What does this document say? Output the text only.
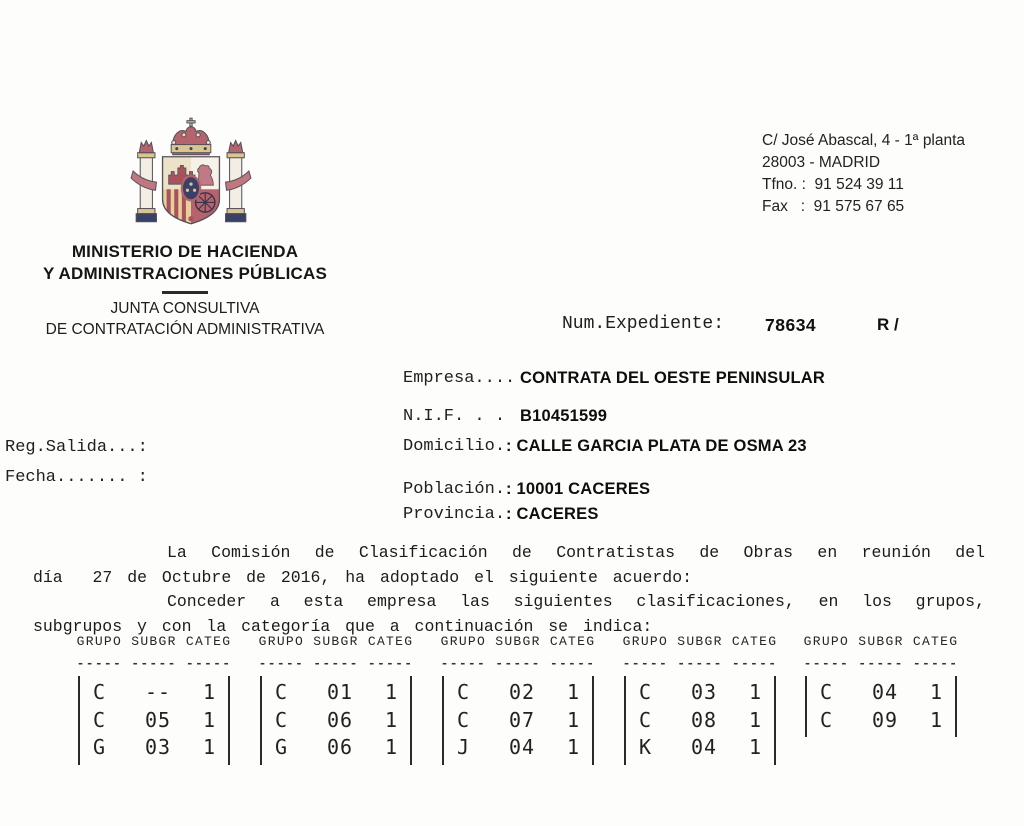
C/ José Abascal, 4 - 1ª planta
28003 - MADRID
Tfno. :  91 524 39 11
Fax   :  91 575 67 65
MINISTERIO DE HACIENDA
Y ADMINISTRACIONES PÚBLICAS
JUNTA CONSULTIVA
DE CONTRATACIÓN ADMINISTRATIVA	Num.Expediente: 78634	R /
Reg.Salida...:
Fecha....... :
Empresa.... CONTRATA DEL OESTE PENINSULAR
N.I.F. . . B10451599
Domicilio. : CALLE GARCIA PLATA DE OSMA 23
Población. : 10001 CACERES
Provincia. : CACERES
La Comisión de Clasificación de Contratistas de Obras en reunión del
día  27 de Octubre de 2016, ha adoptado el siguiente acuerdo:
Conceder a esta empresa las siguientes clasificaciones, en los grupos,
subgrupos y con la categoría que a continuación se indica:
GRUPO SUBGR CATEG
----- ----- -----
C	--	1
C	05	1
G	03	1
GRUPO SUBGR CATEG
----- ----- -----
C	01	1
C	06	1
G	06	1
GRUPO SUBGR CATEG
----- ----- -----
C	02	1
C	07	1
J	04	1
GRUPO SUBGR CATEG
----- ----- -----
C	03	1
C	08	1
K	04	1
GRUPO SUBGR CATEG
----- ----- -----
C	04	1
C	09	1
